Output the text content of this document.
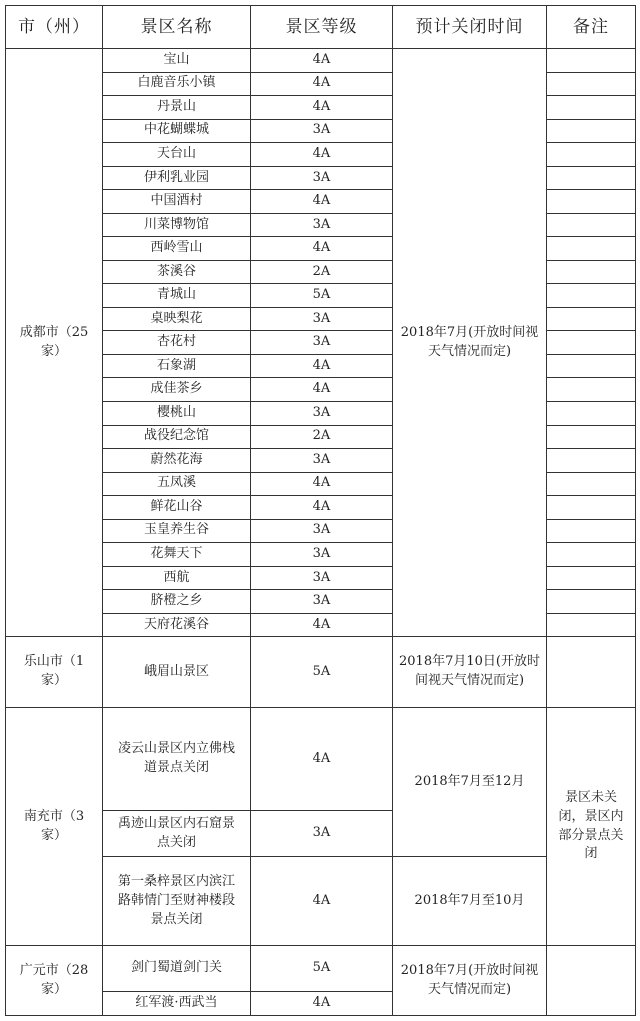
市（州）	景区名称	景区等级	预计关闭时间	备注
成都市（25家）	宝山	4A	2018年7月(开放时间视天气情况而定)	
	白鹿音乐小镇	4A		
	丹景山	4A		
	中花蝴蝶城	3A		
	天台山	4A		
	伊利乳业园	3A		
	中国酒村	4A		
	川菜博物馆	3A		
	西岭雪山	4A		
	茶溪谷	2A		
	青城山	5A		
	桌映梨花	3A		
	杏花村	3A		
	石象湖	4A		
	成佳茶乡	4A		
	樱桃山	3A		
	战役纪念馆	2A		
	蔚然花海	3A		
	五凤溪	4A		
	鲜花山谷	4A		
	玉皇养生谷	3A		
	花舞天下	3A		
	西航	3A		
	脐橙之乡	3A		
	天府花溪谷	4A		
乐山市（1家）	峨眉山景区	5A	2018年7月10日(开放时间视天气情况而定)	
南充市（3家）	凌云山景区内立佛栈道景点关闭	4A	2018年7月至12月	景区未关闭，景区内部分景点关闭
	禹迹山景区内石窟景点关闭	3A		
	第一桑梓景区内滨江路韩情门至财神楼段景点关闭	4A	2018年7月至10月	
广元市（28家）	剑门蜀道剑门关	5A	2018年7月(开放时间视天气情况而定)	
	红军渡·西武当	4A		
